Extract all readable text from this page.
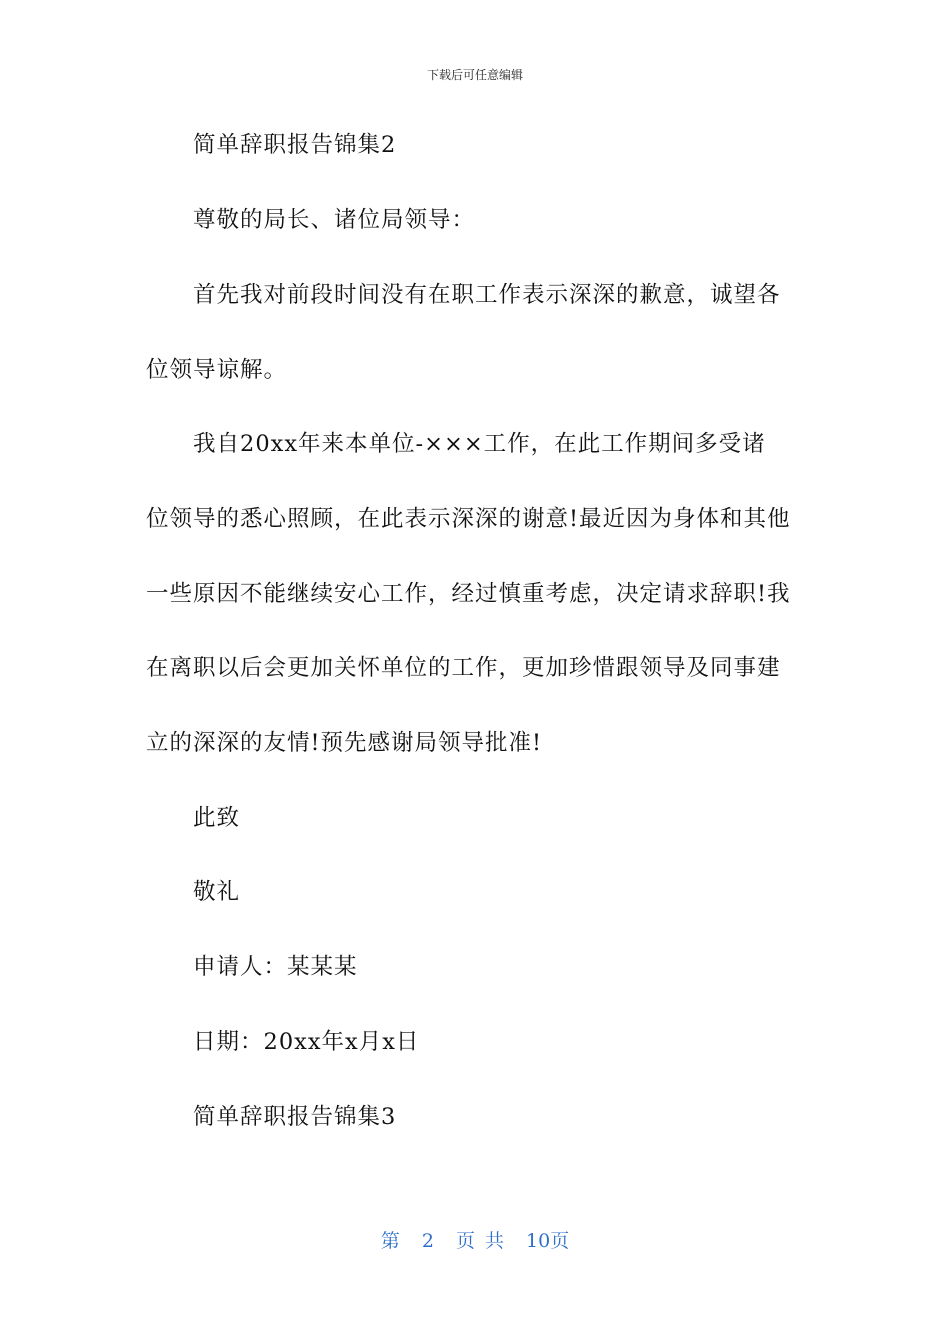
下载后可任意编辑
简单辞职报告锦集2
尊敬的局长、诸位局领导：
首先我对前段时间没有在职工作表示深深的歉意，诚望各
位领导谅解。
我自20xx年来本单位-×××工作，在此工作期间多受诸
位领导的悉心照顾，在此表示深深的谢意!最近因为身体和其他
一些原因不能继续安心工作，经过慎重考虑，决定请求辞职!我
在离职以后会更加关怀单位的工作，更加珍惜跟领导及同事建
立的深深的友情!预先感谢局领导批准!
此致
敬礼
申请人：某某某
日期：20xx年x月x日
简单辞职报告锦集3
第 2 页 共 10页
